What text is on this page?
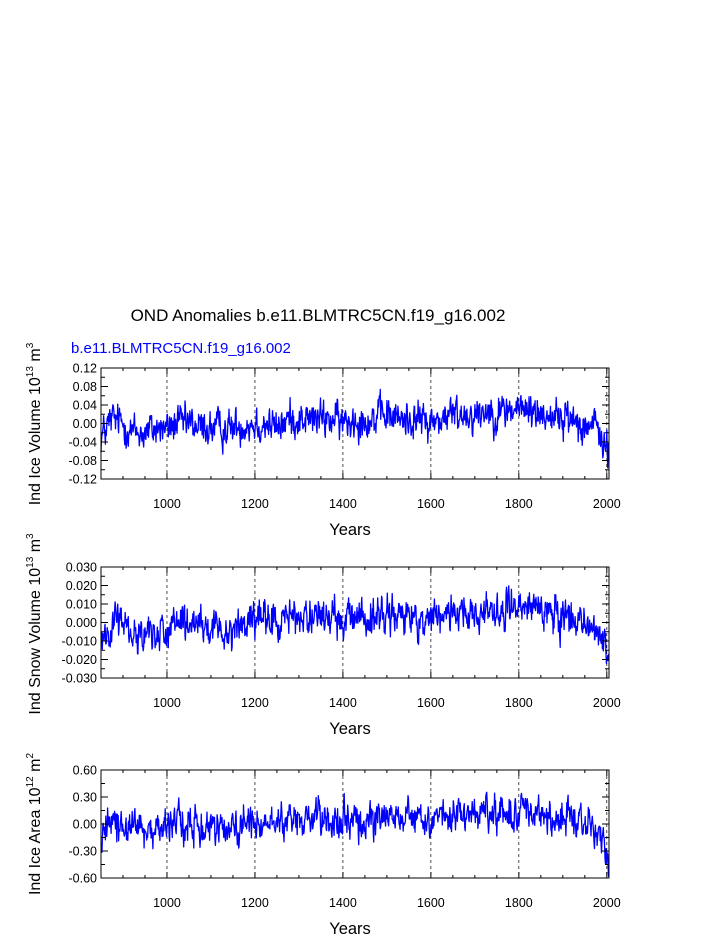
OND Anomalies b.e11.BLMTRC5CN.f19_g16.002
b.e11.BLMTRC5CN.f19_g16.002
1000	1200	1400	1600	1800	2000
-0.12
-0.08
-0.04
0.00
0.04
0.08
0.12
Years
Ind Ice Volume $10^{13}$ $m^3$
1000	1200	1400	1600	1800	2000
-0.030
-0.020
-0.010
0.000
0.010
0.020
0.030
Years
Ind Snow Volume $10^{13}$ $m^3$
1000	1200	1400	1600	1800	2000
-0.60
-0.30
0.00
0.30
0.60
Years
Ind Ice Area $10^{12}$ $m^2$
